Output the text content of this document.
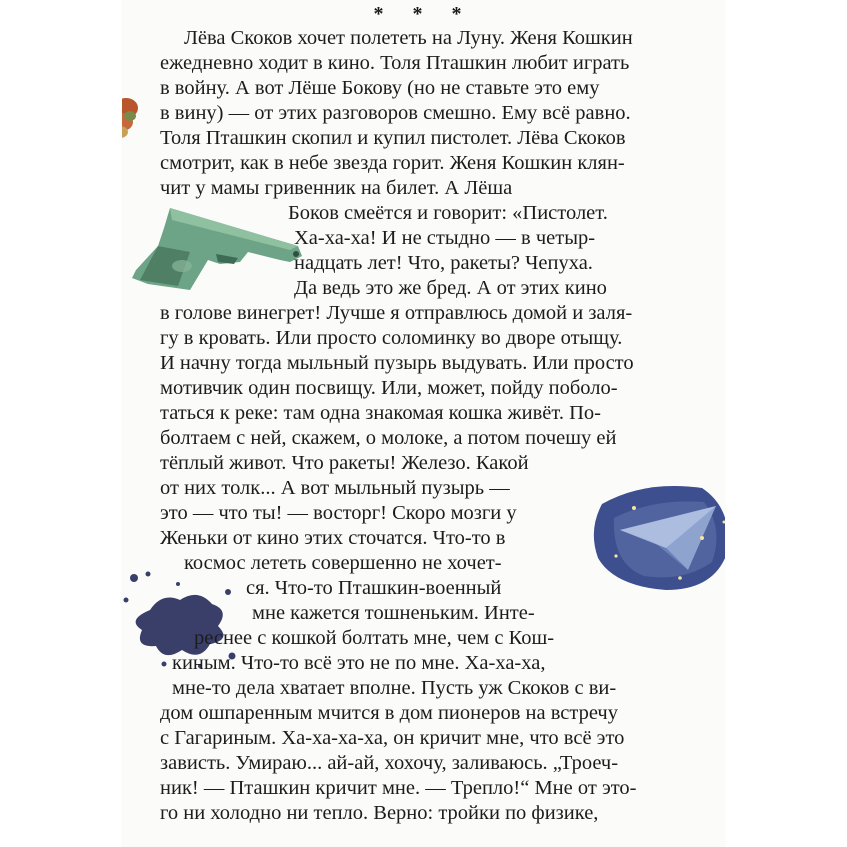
* * *
Лёва Скоков хочет полететь на Луну. Женя Кошкин
ежедневно ходит в кино. Толя Пташкин любит играть
в войну. А вот Лёше Бокову (но не ставьте это ему
в вину) — от этих разговоров смешно. Ему всё равно.
Толя Пташкин скопил и купил пистолет. Лёва Скоков
смотрит, как в небе звезда горит. Женя Кошкин клян-
чит у мамы гривенник на билет. А Лёша
Боков смеётся и говорит: «Пистолет.
Ха-ха-ха! И не стыдно — в четыр-
надцать лет! Что, ракеты? Чепуха.
Да ведь это же бред. А от этих кино
в голове винегрет! Лучше я отправлюсь домой и заля-
гу в кровать. Или просто соломинку во дворе отыщу.
И начну тогда мыльный пузырь выдувать. Или просто
мотивчик один посвищу. Или, может, пойду поболо-
таться к реке: там одна знакомая кошка живёт. По-
болтаем с ней, скажем, о молоке, а потом почешу ей
тёплый живот. Что ракеты! Железо. Какой
от них толк... А вот мыльный пузырь —
это — что ты! — восторг! Скоро мозги у
Женьки от кино этих сточатся. Что-то в
космос лететь совершенно не хочет-
ся. Что-то Пташкин-военный
мне кажется тошненьким. Инте-
реснее с кошкой болтать мне, чем с Кош-
киным. Что-то всё это не по мне. Ха-ха-ха,
мне-то дела хватает вполне. Пусть уж Скоков с ви-
дом ошпаренным мчится в дом пионеров на встречу
с Гагариным. Ха-ха-ха-ха, он кричит мне, что всё это
зависть. Умираю... ай-ай, хохочу, заливаюсь. „Троеч-
ник! — Пташкин кричит мне. — Трепло!“ Мне от это-
го ни холодно ни тепло. Верно: тройки по физике,
